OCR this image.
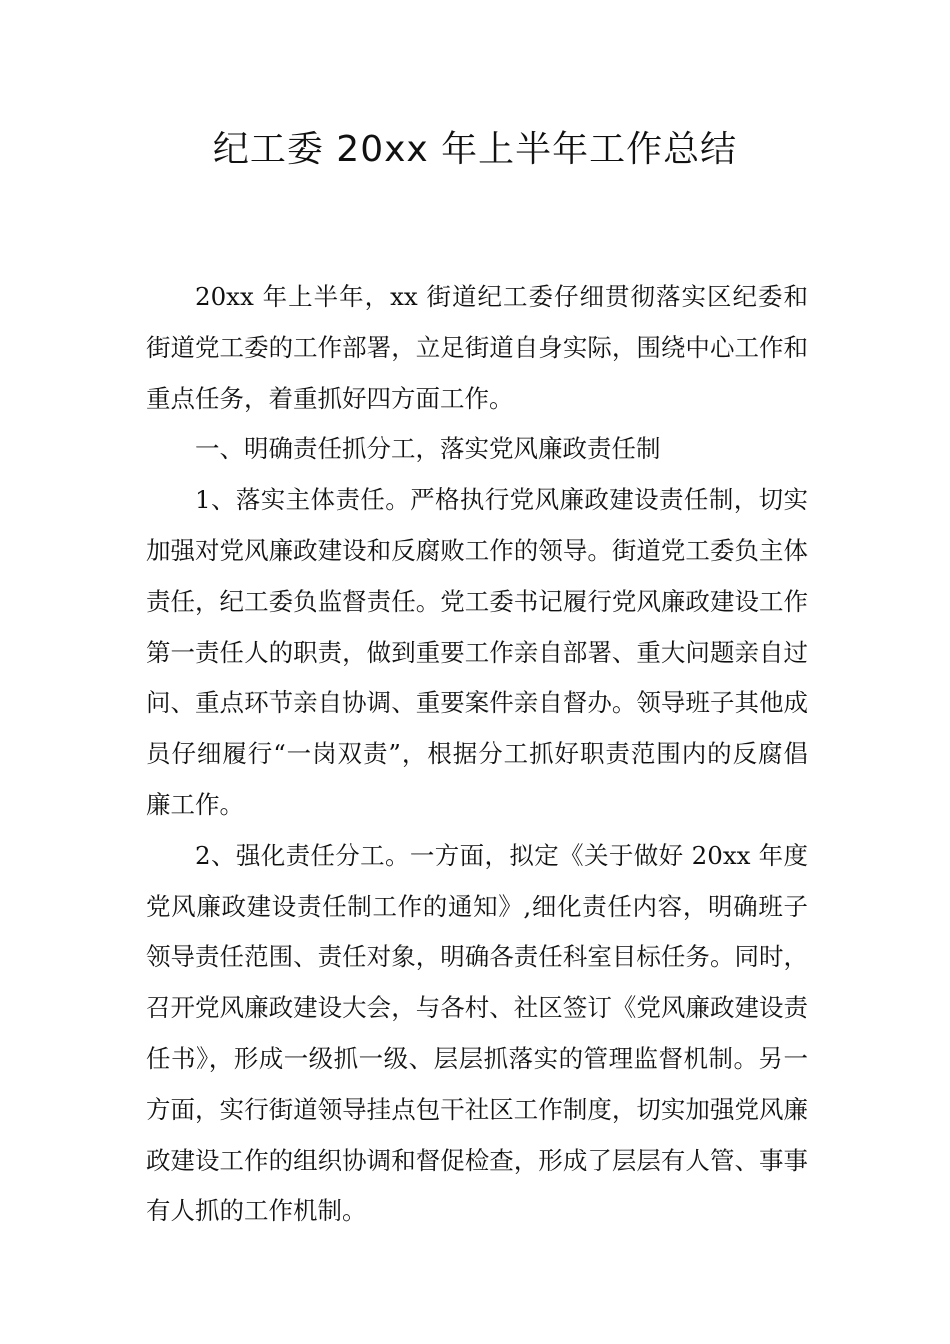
纪工委 20xx 年上半年工作总结

20xx 年上半年，xx 街道纪工委仔细贯彻落实区纪委和街道党工委的工作部署，立足街道自身实际，围绕中心工作和重点任务，着重抓好四方面工作。

一、明确责任抓分工，落实党风廉政责任制

1、落实主体责任。严格执行党风廉政建设责任制，切实加强对党风廉政建设和反腐败工作的领导。街道党工委负主体责任，纪工委负监督责任。党工委书记履行党风廉政建设工作第一责任人的职责，做到重要工作亲自部署、重大问题亲自过问、重点环节亲自协调、重要案件亲自督办。领导班子其他成员仔细履行“一岗双责”，根据分工抓好职责范围内的反腐倡廉工作。

2、强化责任分工。一方面，拟定《关于做好 20xx 年度党风廉政建设责任制工作的通知》,细化责任内容，明确班子领导责任范围、责任对象，明确各责任科室目标任务。同时，召开党风廉政建设大会，与各村、社区签订《党风廉政建设责任书》，形成一级抓一级、层层抓落实的管理监督机制。另一方面，实行街道领导挂点包干社区工作制度，切实加强党风廉政建设工作的组织协调和督促检查，形成了层层有人管、事事有人抓的工作机制。
